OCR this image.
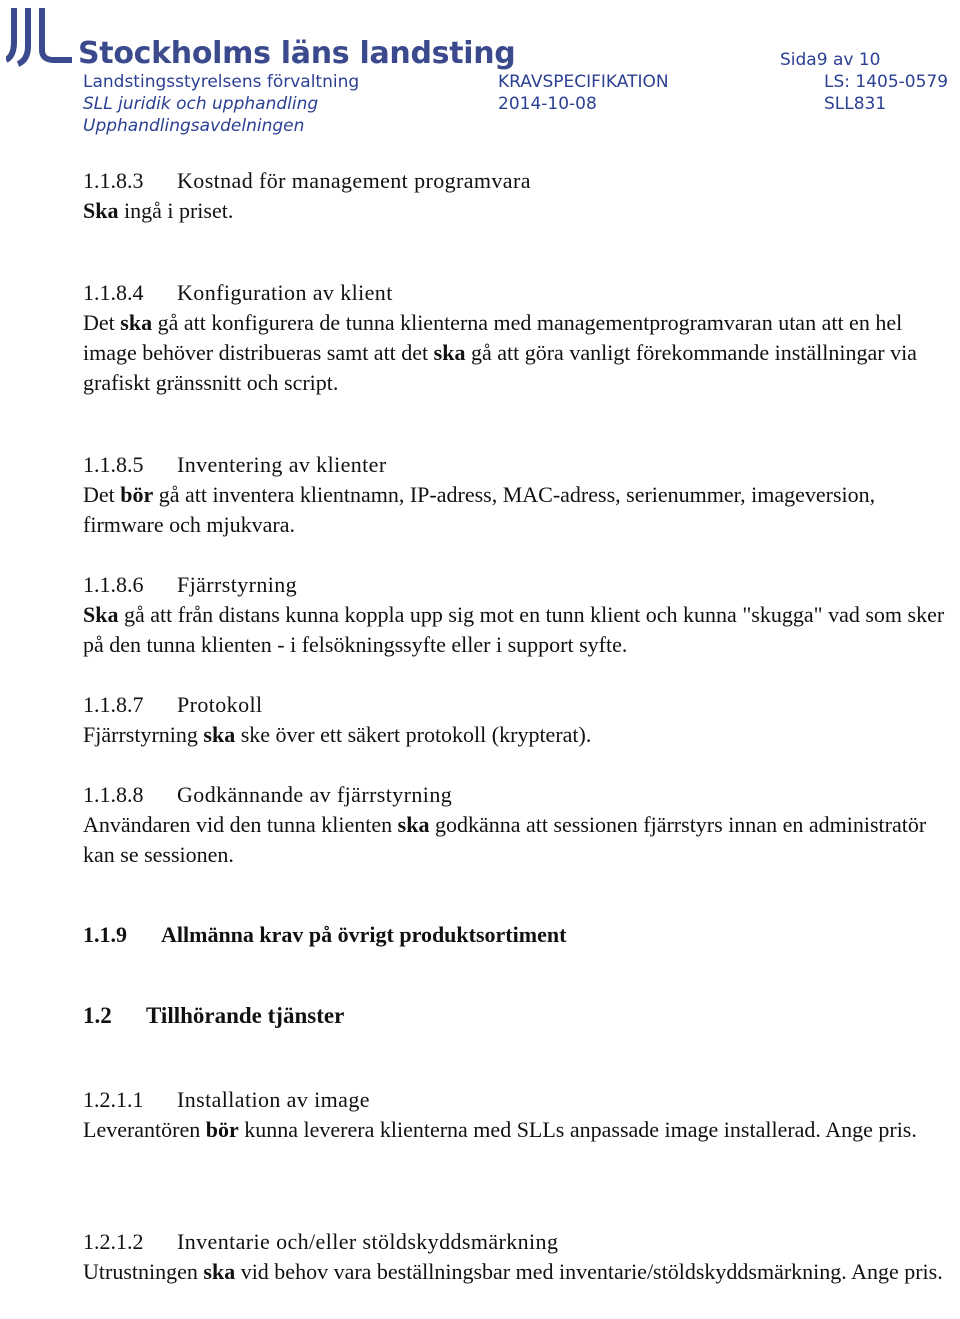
Stockholms läns landsting	Sida9 av 10
Landstingsstyrelsens förvaltning
SLL juridik och upphandling
Upphandlingsavdelningen
KRAVSPECIFIKATION
2014-10-08
LS: 1405-0579
SLL831
1.1.8.3 Kostnad för management programvara
Ska ingå i priset.
1.1.8.4 Konfiguration av klient
Det ska gå att konfigurera de tunna klienterna med managementprogramvaran utan att en hel image behöver distribueras samt att det ska gå att göra vanligt förekommande inställningar via grafiskt gränssnitt och script.
1.1.8.5 Inventering av klienter
Det bör gå att inventera klientnamn, IP-adress, MAC-adress, serienummer, imageversion, firmware och mjukvara.
1.1.8.6 Fjärrstyrning
Ska gå att från distans kunna koppla upp sig mot en tunn klient och kunna "skugga" vad som sker på den tunna klienten - i felsökningssyfte eller i support syfte.
1.1.8.7 Protokoll
Fjärrstyrning ska ske över ett säkert protokoll (krypterat).
1.1.8.8 Godkännande av fjärrstyrning
Användaren vid den tunna klienten ska godkänna att sessionen fjärrstyrs innan en administratör kan se sessionen.
1.1.9 Allmänna krav på övrigt produktsortiment
1.2 Tillhörande tjänster
1.2.1.1 Installation av image
Leverantören bör kunna leverera klienterna med SLLs anpassade image installerad. Ange pris.
1.2.1.2 Inventarie och/eller stöldskyddsmärkning
Utrustningen ska vid behov vara beställningsbar med inventarie/stöldskyddsmärkning. Ange pris.
